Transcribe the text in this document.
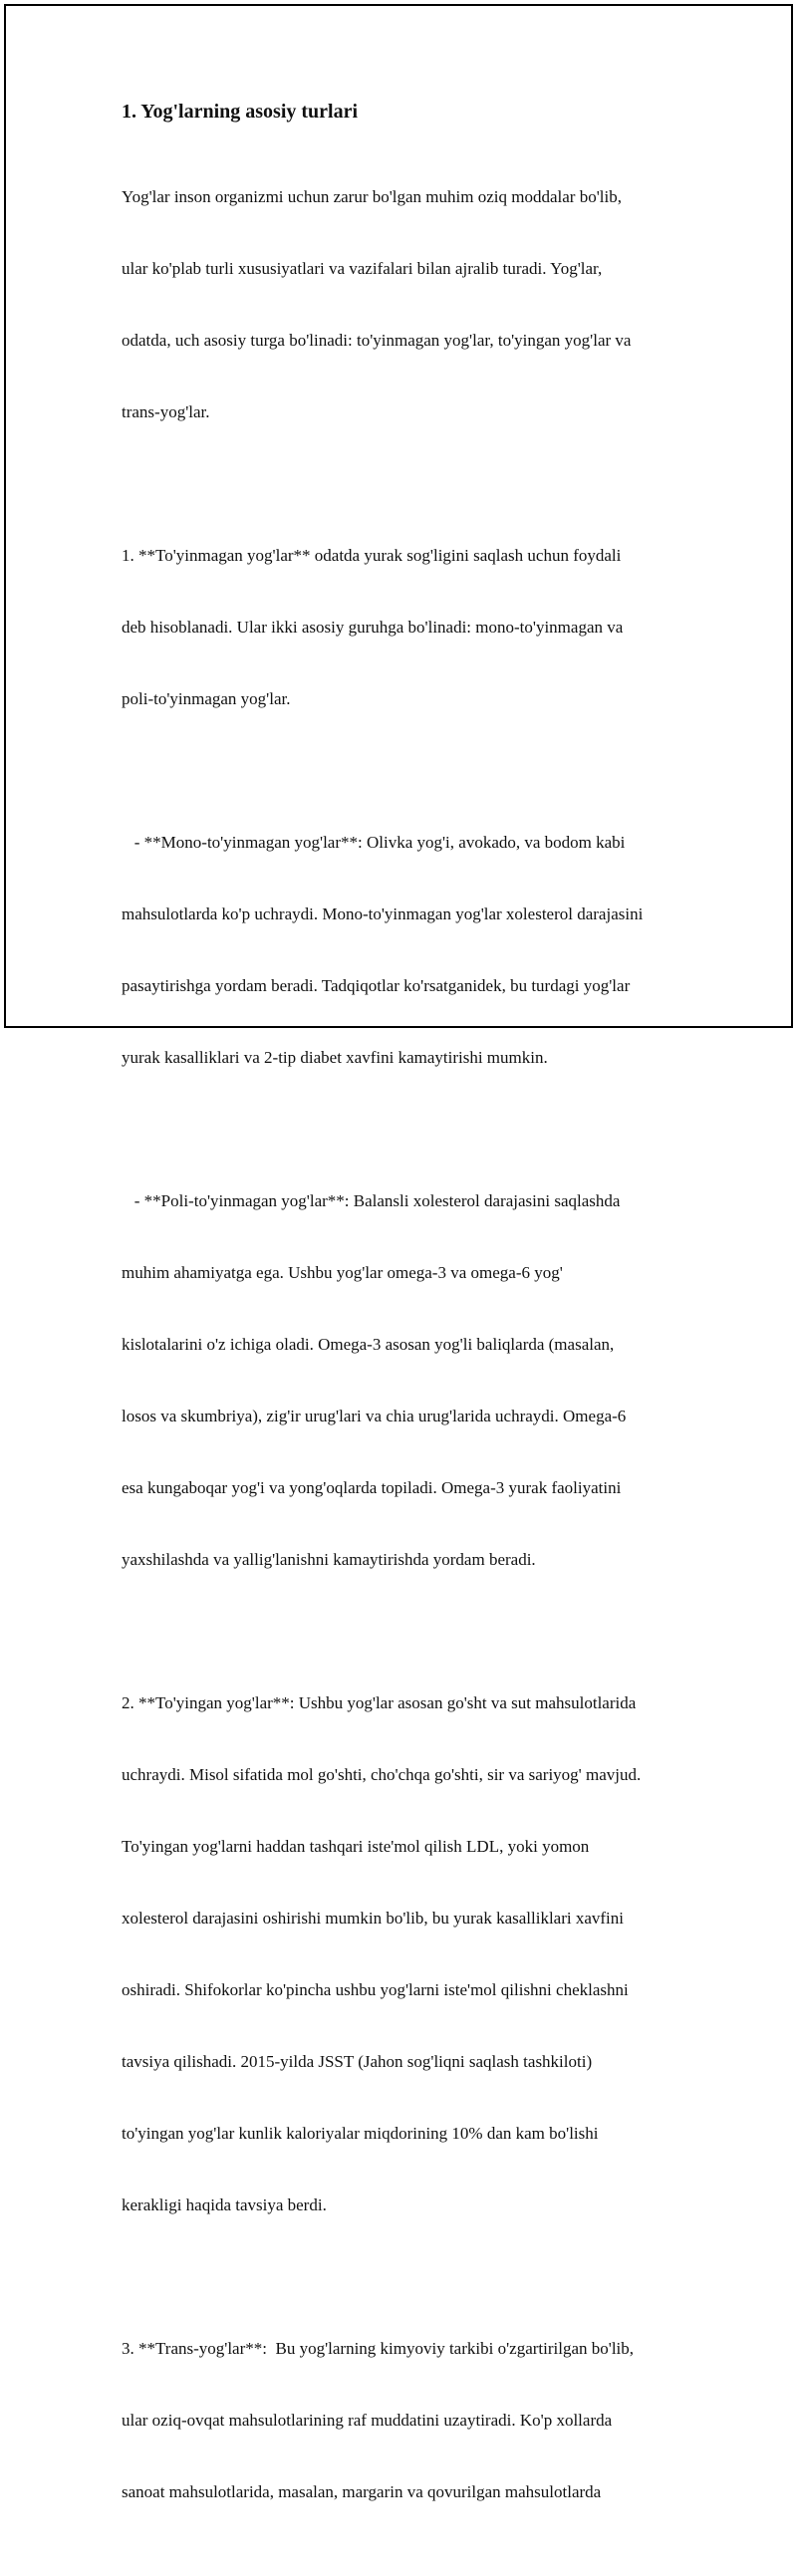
1. Yog'larning asosiy turlari

Yog'lar inson organizmi uchun zarur bo'lgan muhim oziq moddalar bo'lib,

ular ko'plab turli xususiyatlari va vazifalari bilan ajralib turadi. Yog'lar,

odatda, uch asosiy turga bo'linadi: to'yinmagan yog'lar, to'yingan yog'lar va

trans-yog'lar.

1. **To'yinmagan yog'lar** odatda yurak sog'ligini saqlash uchun foydali

deb hisoblanadi. Ular ikki asosiy guruhga bo'linadi: mono-to'yinmagan va

poli-to'yinmagan yog'lar.

- **Mono-to'yinmagan yog'lar**: Olivka yog'i, avokado, va bodom kabi

mahsulotlarda ko'p uchraydi. Mono-to'yinmagan yog'lar xolesterol darajasini

pasaytirishga yordam beradi. Tadqiqotlar ko'rsatganidek, bu turdagi yog'lar

yurak kasalliklari va 2-tip diabet xavfini kamaytirishi mumkin.

- **Poli-to'yinmagan yog'lar**: Balansli xolesterol darajasini saqlashda

muhim ahamiyatga ega. Ushbu yog'lar omega-3 va omega-6 yog'

kislotalarini o'z ichiga oladi. Omega-3 asosan yog'li baliqlarda (masalan,

losos va skumbriya), zig'ir urug'lari va chia urug'larida uchraydi. Omega-6

esa kungaboqar yog'i va yong'oqlarda topiladi. Omega-3 yurak faoliyatini

yaxshilashda va yallig'lanishni kamaytirishda yordam beradi.

2. **To'yingan yog'lar**: Ushbu yog'lar asosan go'sht va sut mahsulotlarida

uchraydi. Misol sifatida mol go'shti, cho'chqa go'shti, sir va sariyog' mavjud.

To'yingan yog'larni haddan tashqari iste'mol qilish LDL, yoki yomon

xolesterol darajasini oshirishi mumkin bo'lib, bu yurak kasalliklari xavfini

oshiradi. Shifokorlar ko'pincha ushbu yog'larni iste'mol qilishni cheklashni

tavsiya qilishadi. 2015-yilda JSST (Jahon sog'liqni saqlash tashkiloti)

to'yingan yog'lar kunlik kaloriyalar miqdorining 10% dan kam bo'lishi

kerakligi haqida tavsiya berdi.

3. **Trans-yog'lar**:  Bu yog'larning kimyoviy tarkibi o'zgartirilgan bo'lib,

ular oziq-ovqat mahsulotlarining raf muddatini uzaytiradi. Ko'p xollarda

sanoat mahsulotlarida, masalan, margarin va qovurilgan mahsulotlarda
